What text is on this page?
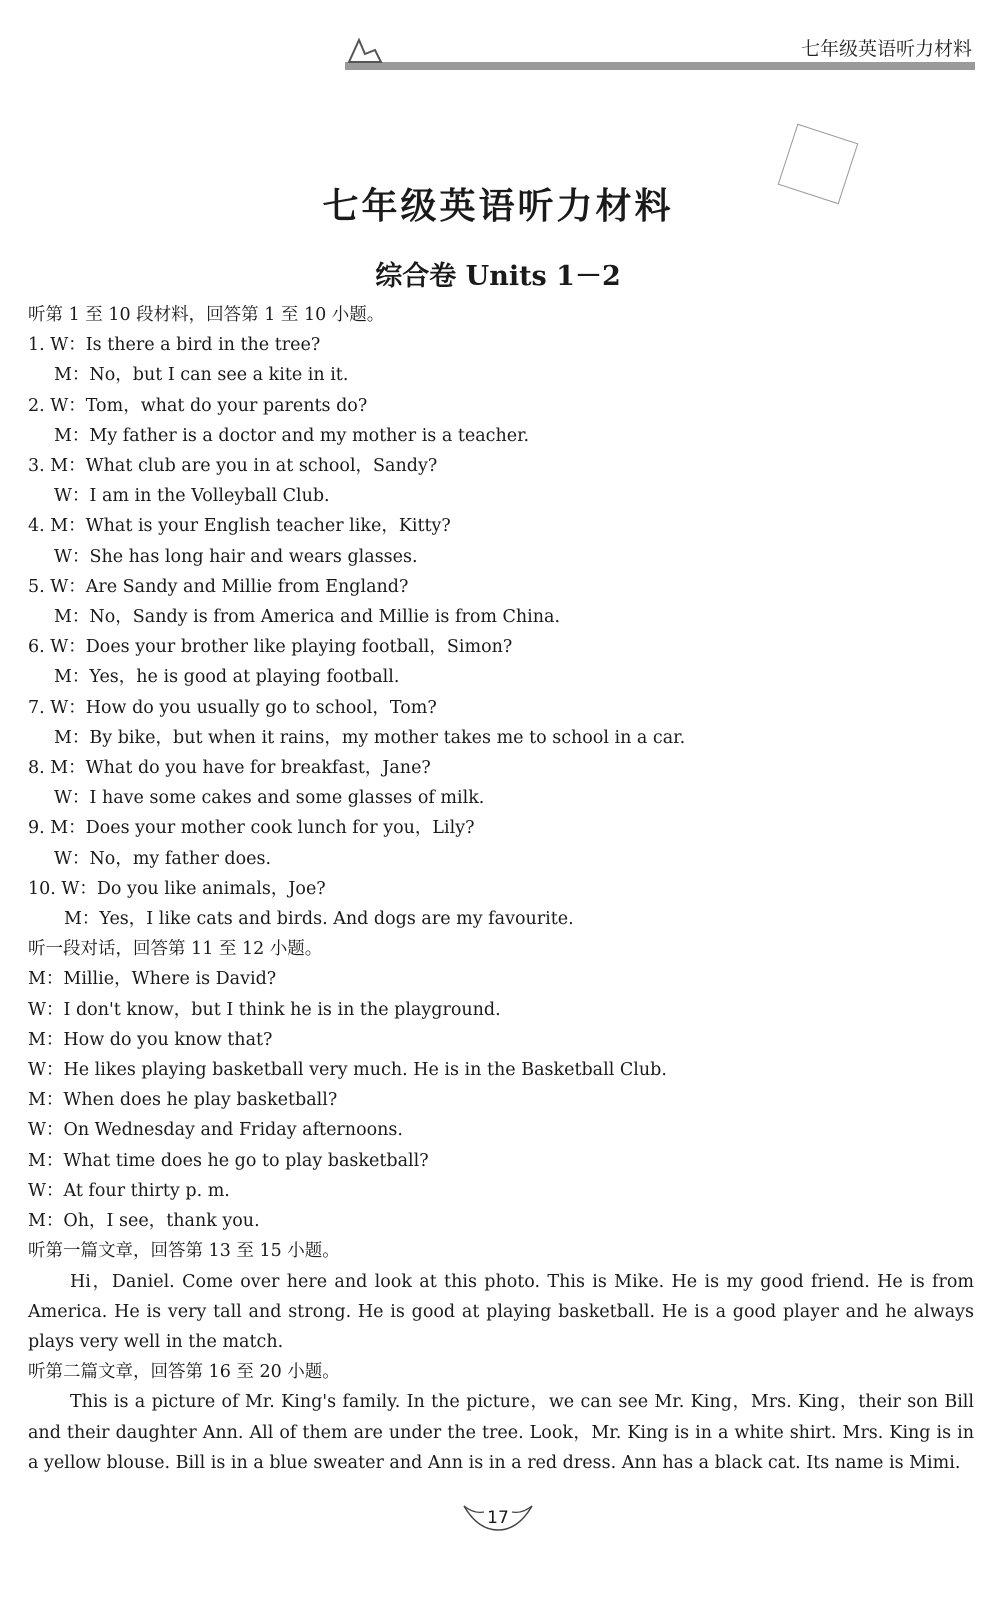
七年级英语听力材料
七年级英语听力材料
综合卷 Units 1－2
听第 1 至 10 段材料，回答第 1 至 10 小题。
1. W：Is there a bird in the tree?
M：No，but I can see a kite in it.
2. W：Tom，what do your parents do?
M：My father is a doctor and my mother is a teacher.
3. M：What club are you in at school，Sandy?
W：I am in the Volleyball Club.
4. M：What is your English teacher like，Kitty?
W：She has long hair and wears glasses.
5. W：Are Sandy and Millie from England?
M：No，Sandy is from America and Millie is from China.
6. W：Does your brother like playing football，Simon?
M：Yes，he is good at playing football.
7. W：How do you usually go to school，Tom?
M：By bike，but when it rains，my mother takes me to school in a car.
8. M：What do you have for breakfast，Jane?
W：I have some cakes and some glasses of milk.
9. M：Does your mother cook lunch for you，Lily?
W：No，my father does.
10. W：Do you like animals，Joe?
M：Yes，I like cats and birds. And dogs are my favourite.
听一段对话，回答第 11 至 12 小题。
M：Millie，Where is David?
W：I don't know，but I think he is in the playground.
M：How do you know that?
W：He likes playing basketball very much. He is in the Basketball Club.
M：When does he play basketball?
W：On Wednesday and Friday afternoons.
M：What time does he go to play basketball?
W：At four thirty p. m.
M：Oh，I see，thank you.
听第一篇文章，回答第 13 至 15 小题。
Hi，Daniel. Come over here and look at this photo. This is Mike. He is my good friend. He is from America. He is very tall and strong. He is good at playing basketball. He is a good player and he always plays very well in the match.
听第二篇文章，回答第 16 至 20 小题。
This is a picture of Mr. King's family. In the picture，we can see Mr. King，Mrs. King，their son Bill and their daughter Ann. All of them are under the tree. Look，Mr. King is in a white shirt. Mrs. King is in a yellow blouse. Bill is in a blue sweater and Ann is in a red dress. Ann has a black cat. Its name is Mimi.
17
